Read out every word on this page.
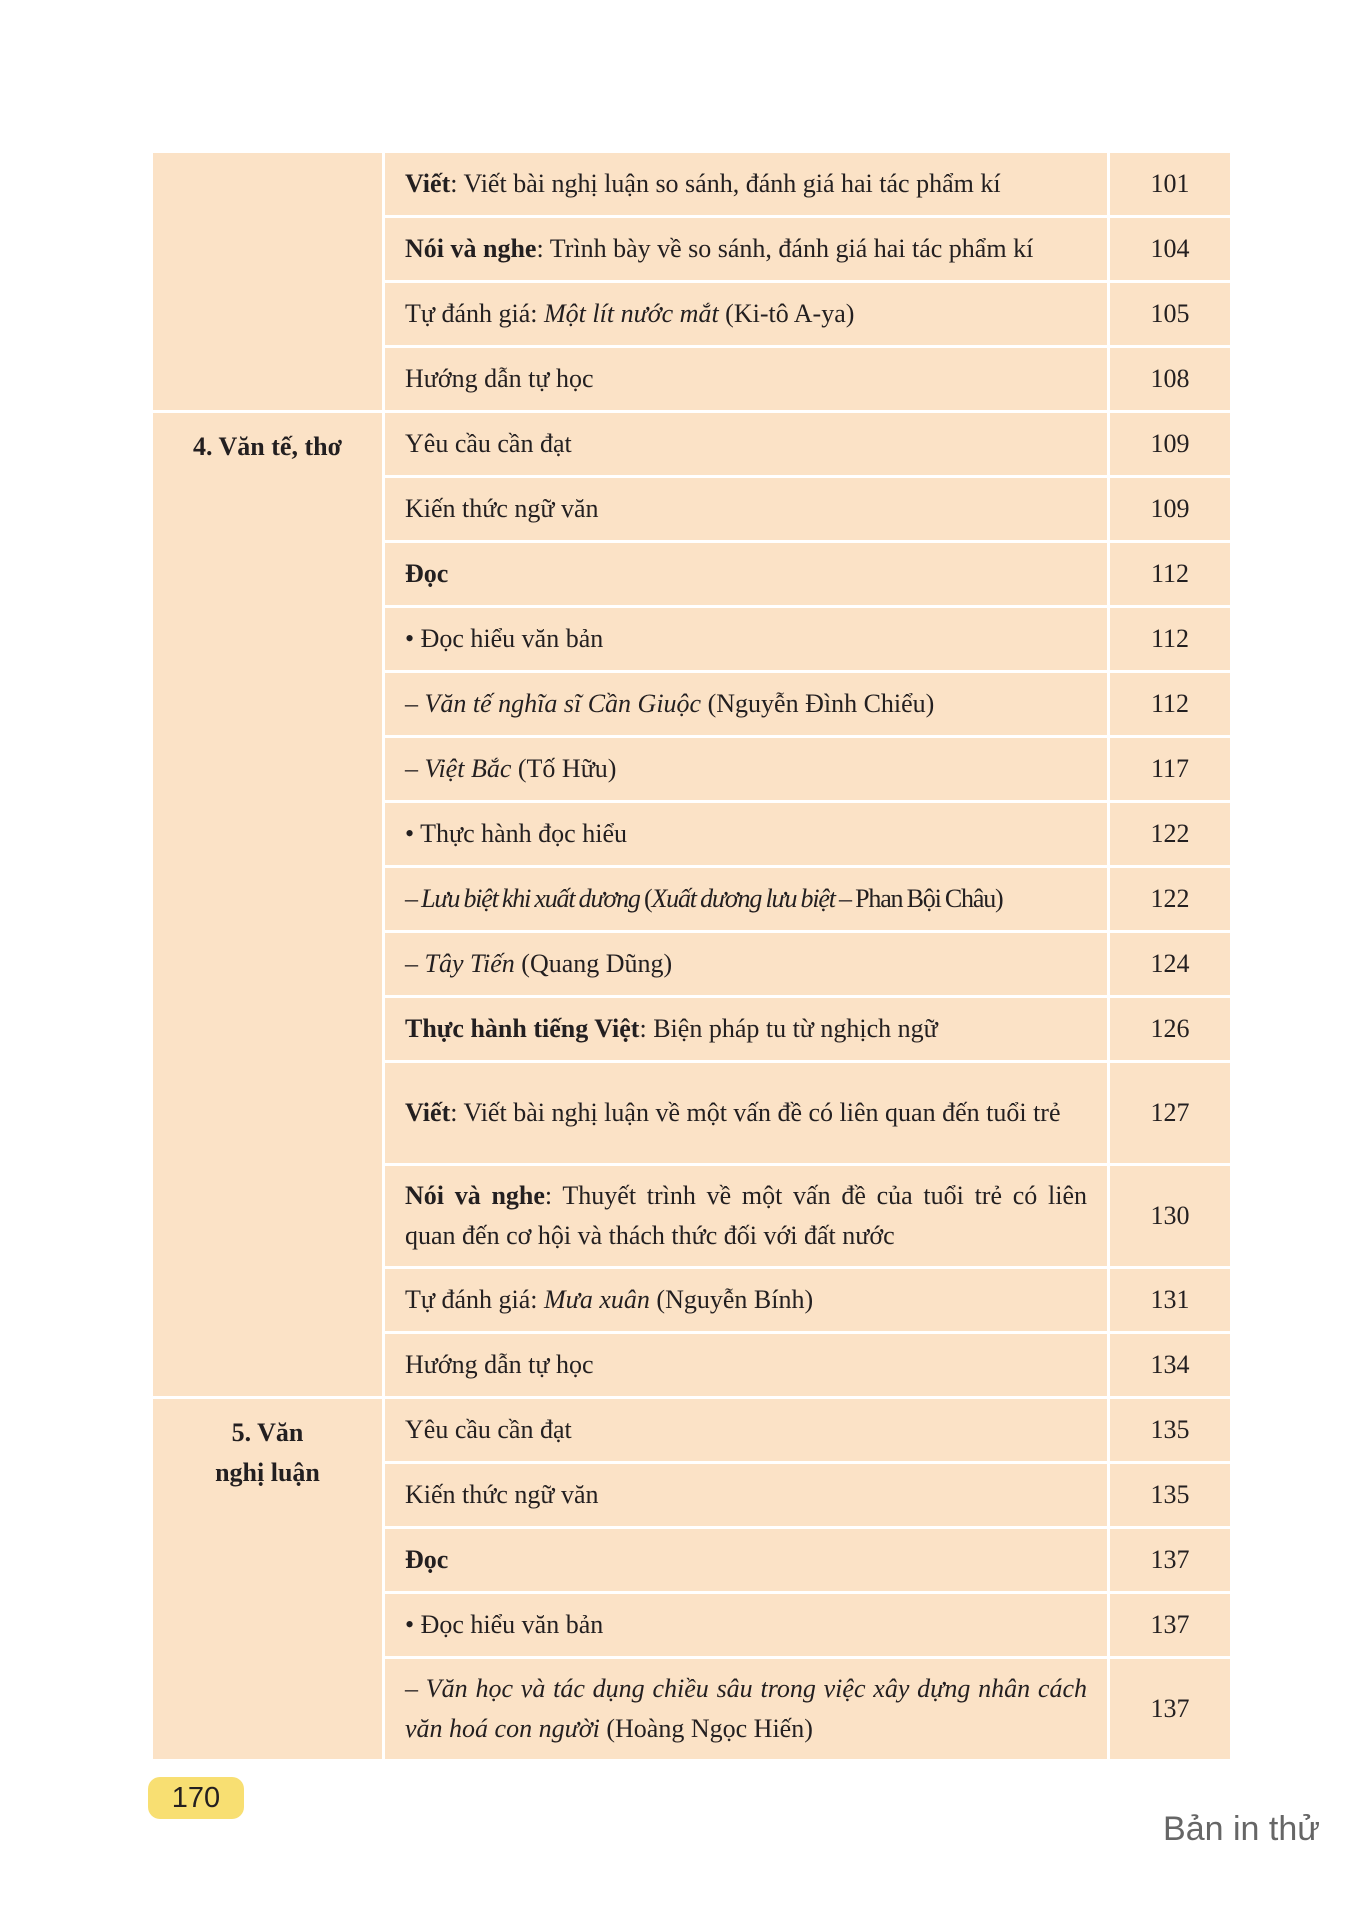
	Viết: Viết bài nghị luận so sánh, đánh giá hai tác phẩm kí	101
	Nói và nghe: Trình bày về so sánh, đánh giá hai tác phẩm kí	104
	Tự đánh giá: Một lít nước mắt (Ki-tô A-ya)	105
	Hướng dẫn tự học	108

4. Văn tế, thơ	Yêu cầu cần đạt	109
	Kiến thức ngữ văn	109
	Đọc	112
	• Đọc hiểu văn bản	112
	– Văn tế nghĩa sĩ Cần Giuộc (Nguyễn Đình Chiểu)	112
	– Việt Bắc (Tố Hữu)	117
	• Thực hành đọc hiểu	122
	– Lưu biệt khi xuất dương (Xuất dương lưu biệt – Phan Bội Châu)	122
	– Tây Tiến (Quang Dũng)	124
	Thực hành tiếng Việt: Biện pháp tu từ nghịch ngữ	126
	Viết: Viết bài nghị luận về một vấn đề có liên quan đến tuổi trẻ	127
	Nói và nghe: Thuyết trình về một vấn đề của tuổi trẻ có liên quan đến cơ hội và thách thức đối với đất nước	130
	Tự đánh giá: Mưa xuân (Nguyễn Bính)	131
	Hướng dẫn tự học	134

5. Văn
nghị luận	Yêu cầu cần đạt	135
	Kiến thức ngữ văn	135
	Đọc	137
	• Đọc hiểu văn bản	137
	– Văn học và tác dụng chiều sâu trong việc xây dựng nhân cách văn hoá con người (Hoàng Ngọc Hiến)	137
170
Bản in thử
